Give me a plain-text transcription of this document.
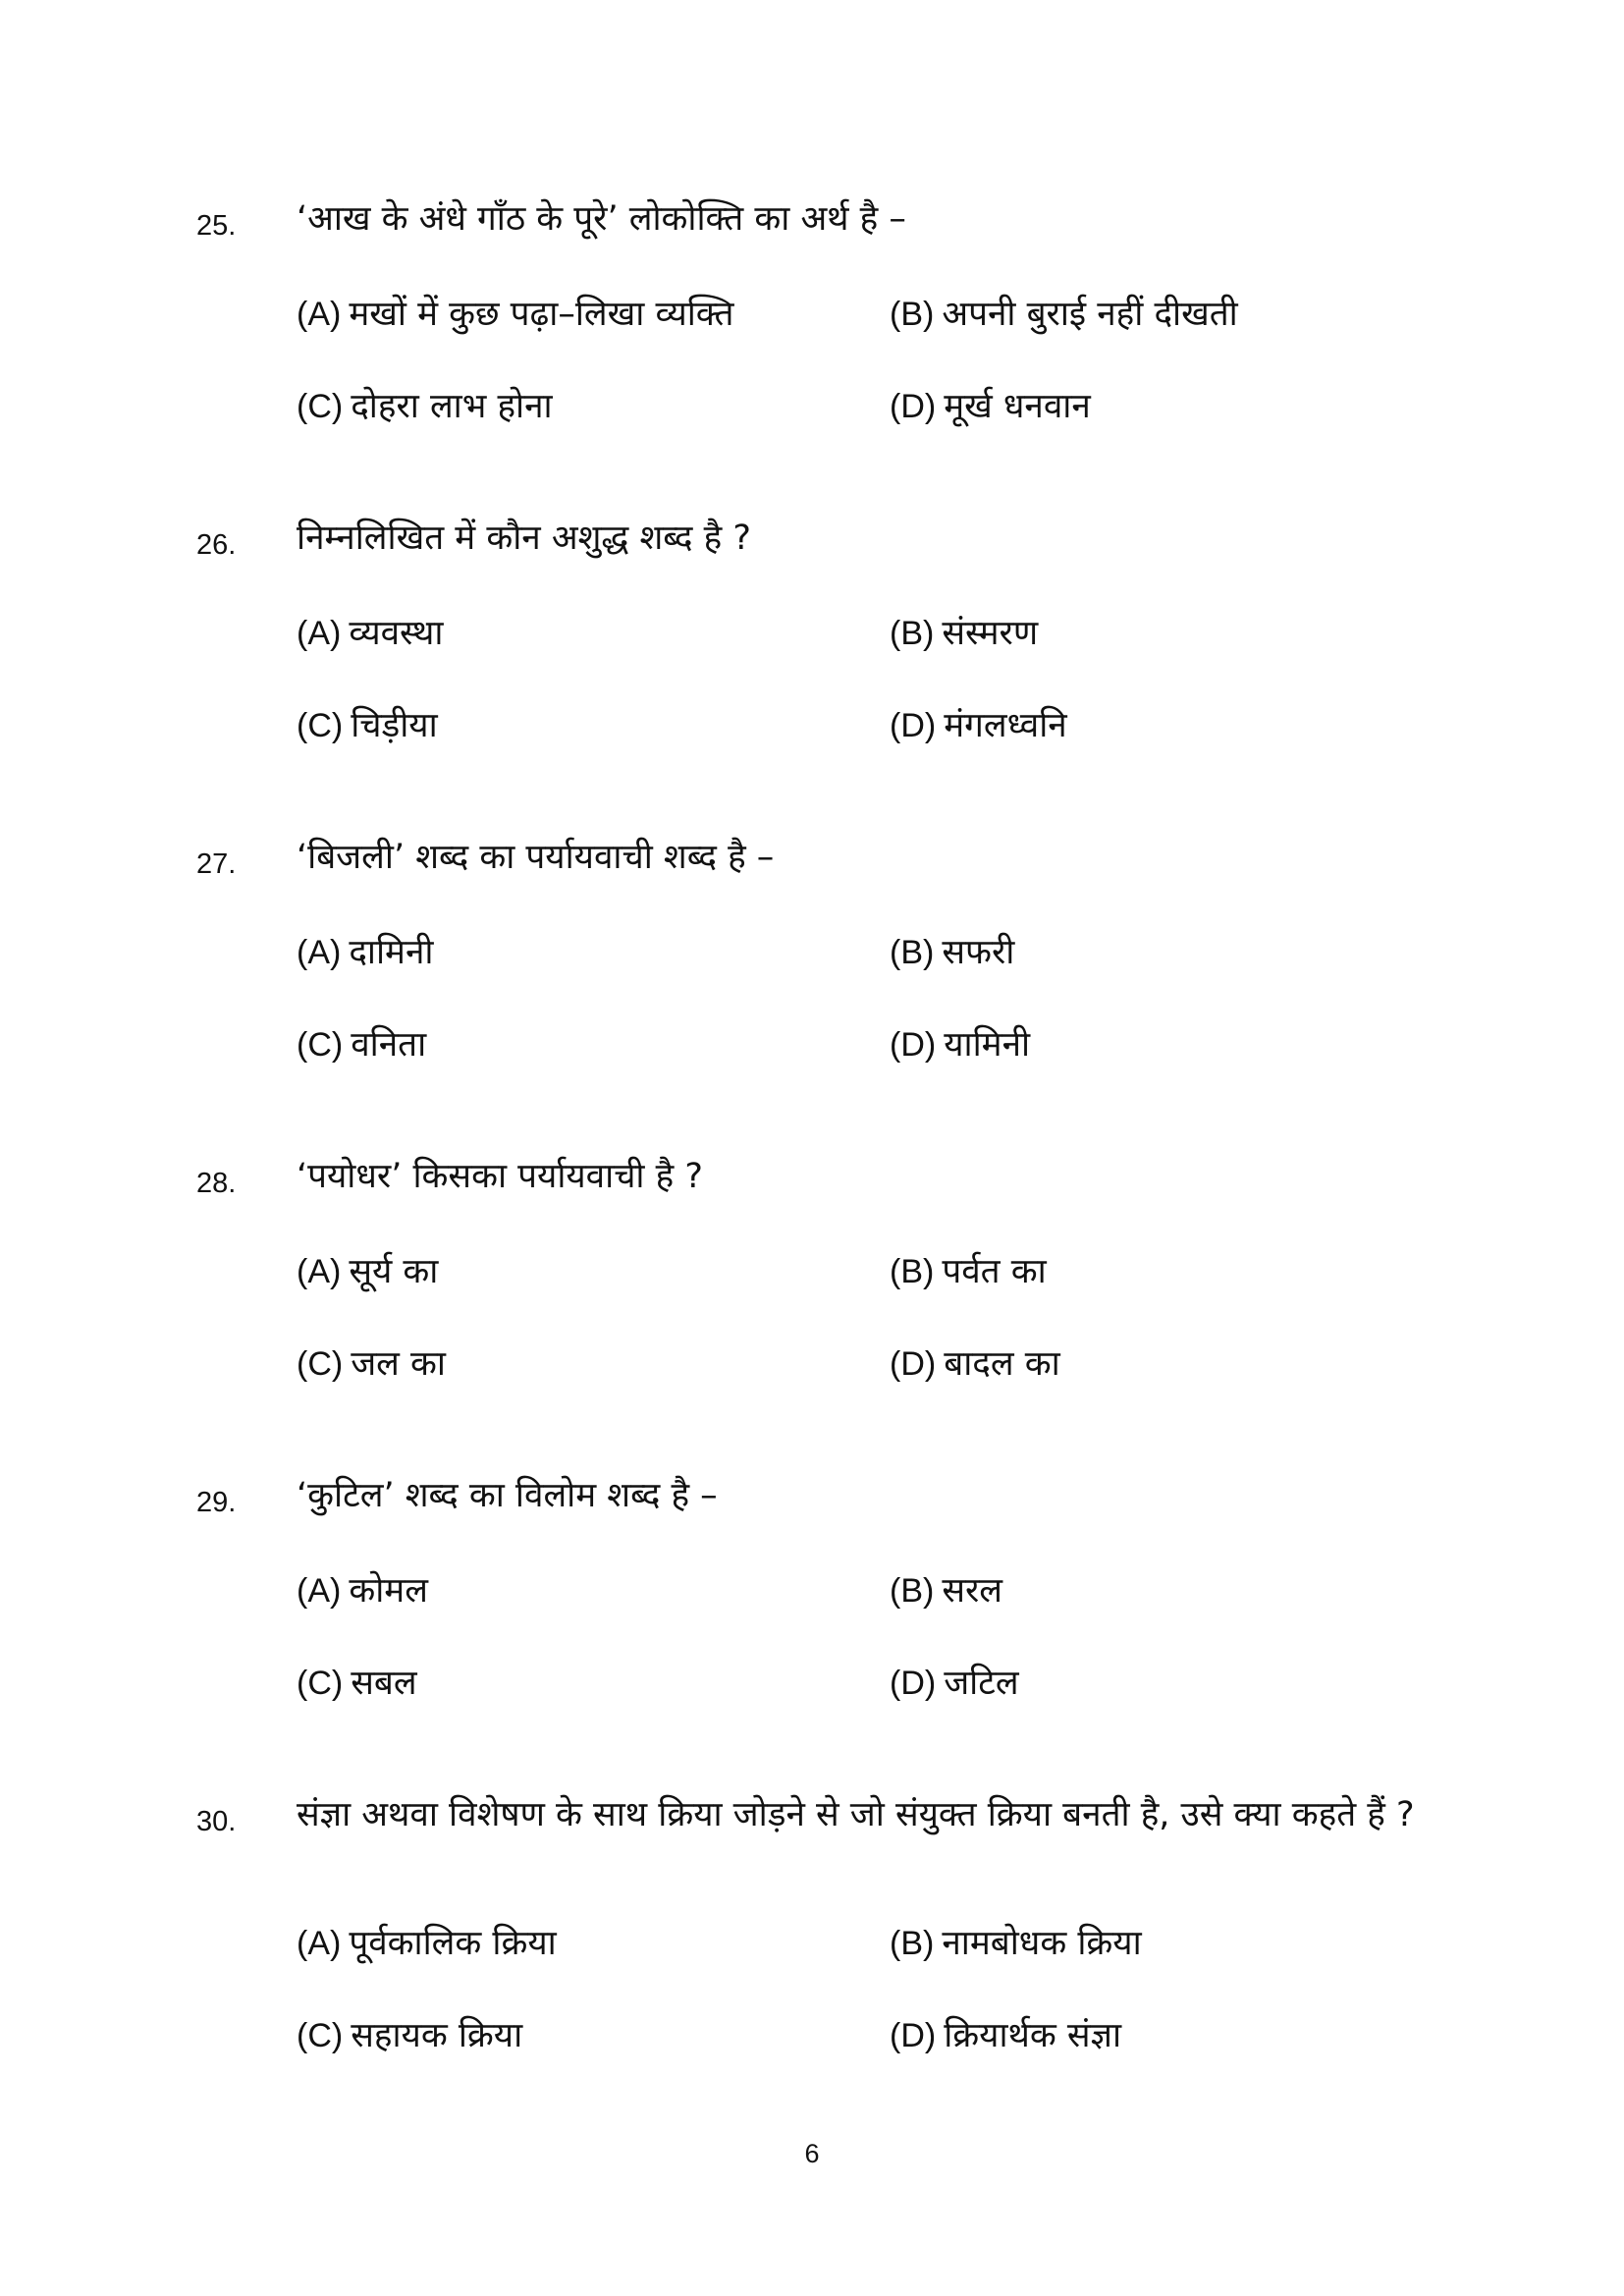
25. ‘आख के अंधे गाँठ के पूरे’ लोकोक्ति का अर्थ है –
(A) मखों में कुछ पढ़ा–लिखा व्यक्ति	(B) अपनी बुराई नहीं दीखती
(C) दोहरा लाभ होना	(D) मूर्ख धनवान
26. निम्नलिखित में कौन अशुद्ध शब्द है ?
(A) व्यवस्था	(B) संस्मरण
(C) चिड़ीया	(D) मंगलध्वनि
27. ‘बिजली’ शब्द का पर्यायवाची शब्द है –
(A) दामिनी	(B) सफरी
(C) वनिता	(D) यामिनी
28. ‘पयोधर’ किसका पर्यायवाची है ?
(A) सूर्य का	(B) पर्वत का
(C) जल का	(D) बादल का
29. ‘कुटिल’ शब्द का विलोम शब्द है –
(A) कोमल	(B) सरल
(C) सबल	(D) जटिल
30. संज्ञा अथवा विशेषण के साथ क्रिया जोड़ने से जो संयुक्त क्रिया बनती है, उसे क्या कहते हैं ?
(A) पूर्वकालिक क्रिया	(B) नामबोधक क्रिया
(C) सहायक क्रिया	(D) क्रियार्थक संज्ञा
6
